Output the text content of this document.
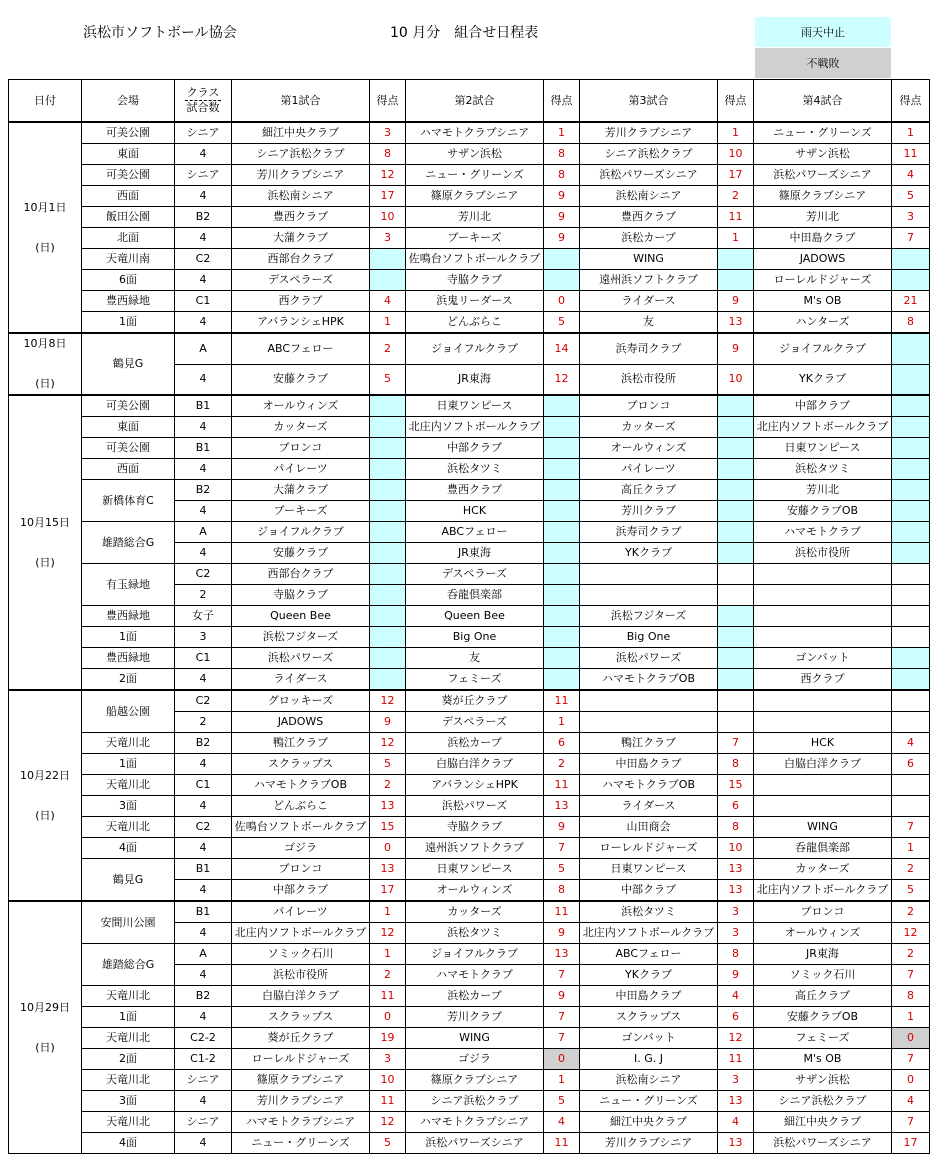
浜松市ソフトボール協会	10 月分　組合せ日程表	雨天中止
不戦敗
日付	会場	クラス
試合数	第1試合	得点	第2試合	得点	第3試合	得点	第4試合	得点
10月1日

(日)	可美公園	シニア	細江中央クラブ	3	ハマモトクラブシニア	1	芳川クラブシニア	1	ニュー・グリーンズ	1
	東面	4	シニア浜松クラブ	8	サザン浜松	8	シニア浜松クラブ	10	サザン浜松	11
	可美公園	シニア	芳川クラブシニア	12	ニュー・グリーンズ	8	浜松パワーズシニア	17	浜松パワーズシニア	4
	西面	4	浜松南シニア	17	篠原クラブシニア	9	浜松南シニア	2	篠原クラブシニア	5
	飯田公園	B2	豊西クラブ	10	芳川北	9	豊西クラブ	11	芳川北	3
	北面	4	大蒲クラブ	3	ブーキーズ	9	浜松カーブ	1	中田島クラブ	7
	天竜川南	C2	西部台クラブ		佐鳴台ソフトボールクラブ		WING		JADOWS	
	6面	4	デスペラーズ		寺脇クラブ		遠州浜ソフトクラブ		ローレルドジャーズ	
	豊西緑地	C1	西クラブ	4	浜鬼リーダース	0	ライダース	9	M's OB	21
	1面	4	アバランシェHPK	1	どんぶらこ	5	友	13	ハンターズ	8
10月8日

(日)	鶴見G	A	ABCフェロー	2	ジョイフルクラブ	14	浜寿司クラブ	9	ジョイフルクラブ	
		4	安藤クラブ	5	JR東海	12	浜松市役所	10	YKクラブ	
10月15日

(日)	可美公園	B1	オールウィンズ		日東ワンピース		ブロンコ		中部クラブ	
	東面	4	カッターズ		北庄内ソフトボールクラブ		カッターズ		北庄内ソフトボールクラブ	
	可美公園	B1	ブロンコ		中部クラブ		オールウィンズ		日東ワンピース	
	西面	4	パイレーツ		浜松タツミ		パイレーツ		浜松タツミ	
	新橋体育C	B2	大蒲クラブ		豊西クラブ		高丘クラブ		芳川北	
		4	ブーキーズ		HCK		芳川クラブ		安藤クラブOB	
	雄踏総合G	A	ジョイフルクラブ		ABCフェロー		浜寿司クラブ		ハマモトクラブ	
		4	安藤クラブ		JR東海		YKクラブ		浜松市役所	
	有玉緑地	C2	西部台クラブ		デスペラーズ					
		2	寺脇クラブ		呑龍倶楽部					
	豊西緑地	女子	Queen Bee		Queen Bee		浜松フジターズ			
	1面	3	浜松フジターズ		Big One		Big One			
	豊西緑地	C1	浜松パワーズ		友		浜松パワーズ		ゴンバット	
	2面	4	ライダース		フェミーズ		ハマモトクラブOB		西クラブ	
10月22日

(日)	船越公園	C2	グロッキーズ	12	葵が丘クラブ	11				
		2	JADOWS	9	デスペラーズ	1				
	天竜川北	B2	鴨江クラブ	12	浜松カーブ	6	鴨江クラブ	7	HCK	4
	1面	4	スクラップス	5	白脇白洋クラブ	2	中田島クラブ	8	白脇白洋クラブ	6
	天竜川北	C1	ハマモトクラブOB	2	アバランシェHPK	11	ハマモトクラブOB	15		
	3面	4	どんぶらこ	13	浜松パワーズ	13	ライダース	6		
	天竜川北	C2	佐鳴台ソフトボールクラブ	15	寺脇クラブ	9	山田商会	8	WING	7
	4面	4	ゴジラ	0	遠州浜ソフトクラブ	7	ローレルドジャーズ	10	呑龍倶楽部	1
	鶴見G	B1	ブロンコ	13	日東ワンピース	5	日東ワンピース	13	カッターズ	2
		4	中部クラブ	17	オールウィンズ	8	中部クラブ	13	北庄内ソフトボールクラブ	5
10月29日

(日)	安間川公園	B1	パイレーツ	1	カッターズ	11	浜松タツミ	3	ブロンコ	2
		4	北庄内ソフトボールクラブ	12	浜松タツミ	9	北庄内ソフトボールクラブ	3	オールウィンズ	12
	雄踏総合G	A	ソミック石川	1	ジョイフルクラブ	13	ABCフェロー	8	JR東海	2
		4	浜松市役所	2	ハマモトクラブ	7	YKクラブ	9	ソミック石川	7
	天竜川北	B2	白脇白洋クラブ	11	浜松カーブ	9	中田島クラブ	4	高丘クラブ	8
	1面	4	スクラップス	0	芳川クラブ	7	スクラップス	6	安藤クラブOB	1
	天竜川北	C2-2	葵が丘クラブ	19	WING	7	ゴンバット	12	フェミーズ	0
	2面	C1-2	ローレルドジャーズ	3	ゴジラ	0	I. G. J	11	M's OB	7
	天竜川北	シニア	篠原クラブシニア	10	篠原クラブシニア	1	浜松南シニア	3	サザン浜松	0
	3面	4	芳川クラブシニア	11	シニア浜松クラブ	5	ニュー・グリーンズ	13	シニア浜松クラブ	4
	天竜川北	シニア	ハマモトクラブシニア	12	ハマモトクラブシニア	4	細江中央クラブ	4	細江中央クラブ	7
	4面	4	ニュー・グリーンズ	5	浜松パワーズシニア	11	芳川クラブシニア	13	浜松パワーズシニア	17
